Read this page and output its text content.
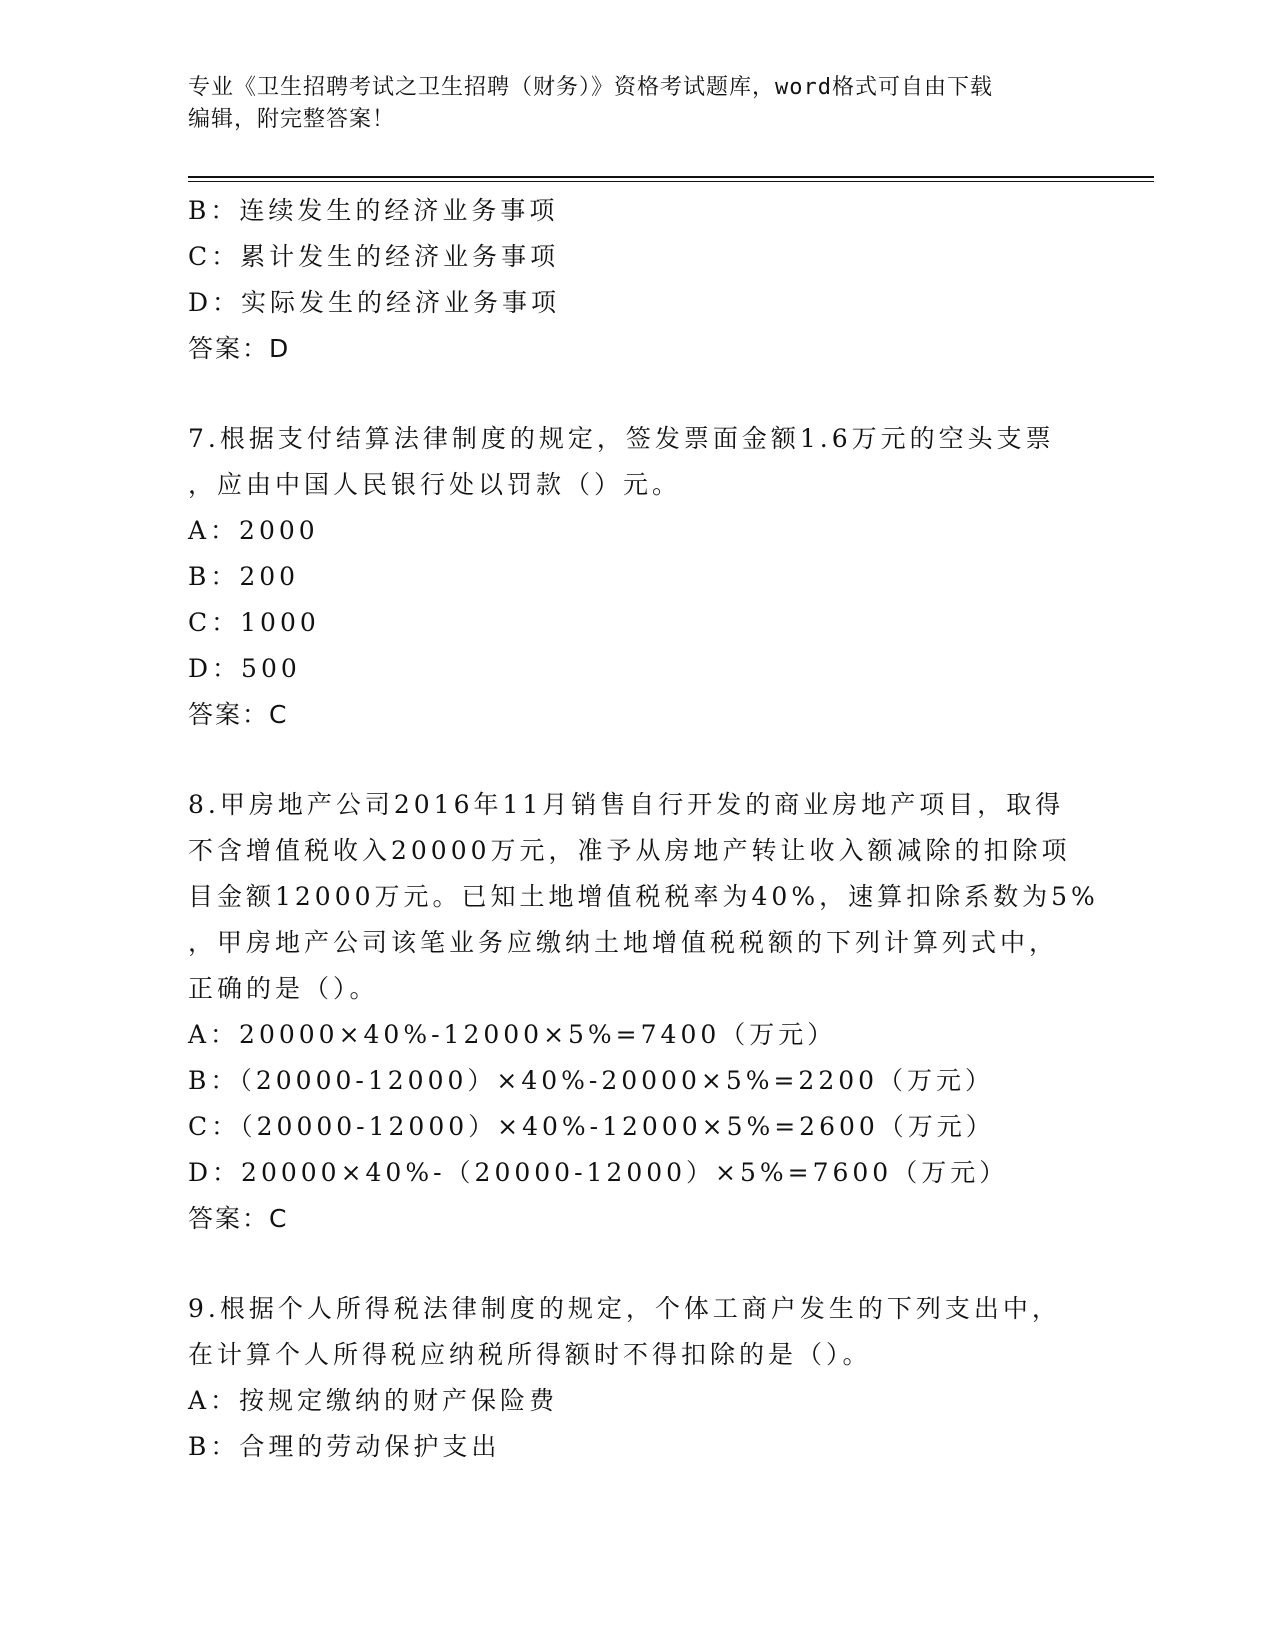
专业《卫生招聘考试之卫生招聘（财务）》资格考试题库，word格式可自由下载
编辑，附完整答案！
B：连续发生的经济业务事项
C：累计发生的经济业务事项
D：实际发生的经济业务事项
答案：D
7.根据支付结算法律制度的规定，签发票面金额1.6万元的空头支票
，应由中国人民银行处以罚款（）元。
A：2000
B：200
C：1000
D：500
答案：C
8.甲房地产公司2016年11月销售自行开发的商业房地产项目，取得
不含增值税收入20000万元，准予从房地产转让收入额减除的扣除项
目金额12000万元。已知土地增值税税率为40%，速算扣除系数为5%
，甲房地产公司该笔业务应缴纳土地增值税税额的下列计算列式中，
正确的是（）。
A：20000×40%-12000×5%=7400（万元）
B：（20000-12000）×40%-20000×5%=2200（万元）
C：（20000-12000）×40%-12000×5%=2600（万元）
D：20000×40%-（20000-12000）×5%=7600（万元）
答案：C
9.根据个人所得税法律制度的规定，个体工商户发生的下列支出中，
在计算个人所得税应纳税所得额时不得扣除的是（）。
A：按规定缴纳的财产保险费
B：合理的劳动保护支出
